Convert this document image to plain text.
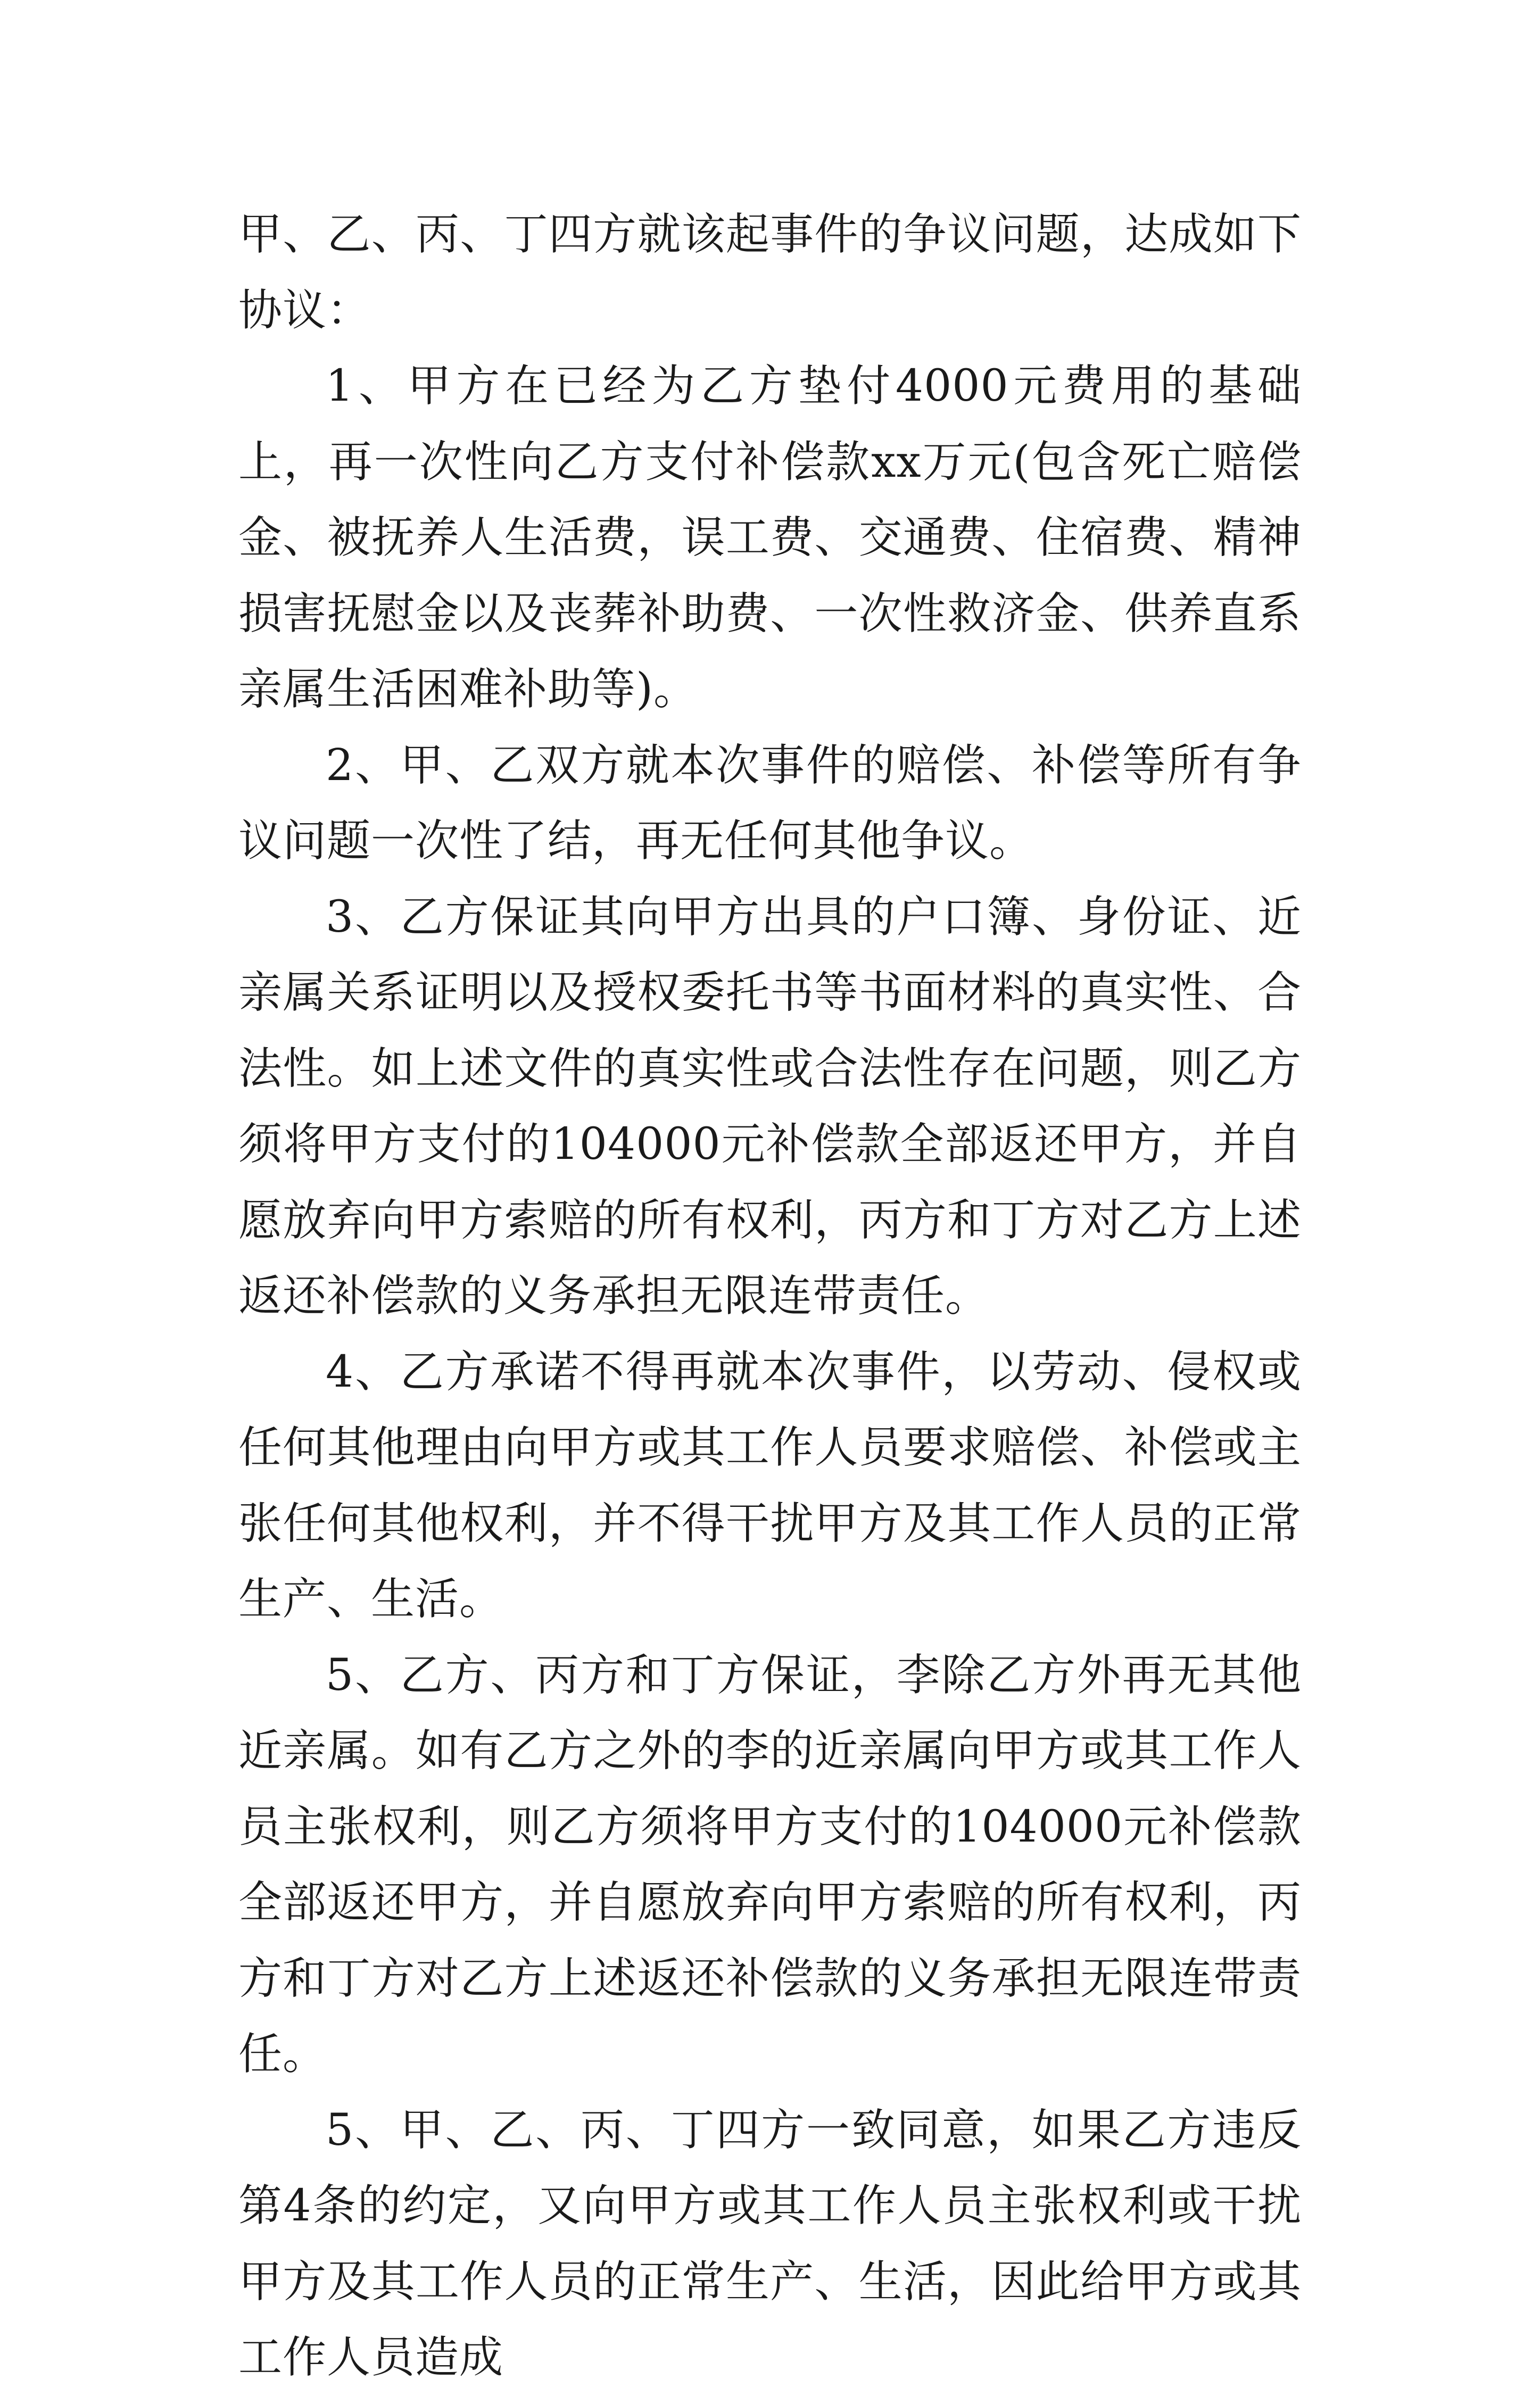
甲、乙、丙、丁四方就该起事件的争议问题，达成如下协议：

1、甲方在已经为乙方垫付4000元费用的基础上，再一次性向乙方支付补偿款xx万元(包含死亡赔偿金、被抚养人生活费，误工费、交通费、住宿费、精神损害抚慰金以及丧葬补助费、一次性救济金、供养直系亲属生活困难补助等)。

2、甲、乙双方就本次事件的赔偿、补偿等所有争议问题一次性了结，再无任何其他争议。

3、乙方保证其向甲方出具的户口簿、身份证、近亲属关系证明以及授权委托书等书面材料的真实性、合法性。如上述文件的真实性或合法性存在问题，则乙方须将甲方支付的104000元补偿款全部返还甲方，并自愿放弃向甲方索赔的所有权利，丙方和丁方对乙方上述返还补偿款的义务承担无限连带责任。

4、乙方承诺不得再就本次事件，以劳动、侵权或任何其他理由向甲方或其工作人员要求赔偿、补偿或主张任何其他权利，并不得干扰甲方及其工作人员的正常生产、生活。

5、乙方、丙方和丁方保证，李除乙方外再无其他近亲属。如有乙方之外的李的近亲属向甲方或其工作人员主张权利，则乙方须将甲方支付的104000元补偿款全部返还甲方，并自愿放弃向甲方索赔的所有权利，丙方和丁方对乙方上述返还补偿款的义务承担无限连带责任。

5、甲、乙、丙、丁四方一致同意，如果乙方违反第4条的约定，又向甲方或其工作人员主张权利或干扰甲方及其工作人员的正常生产、生活，因此给甲方或其工作人员造成
